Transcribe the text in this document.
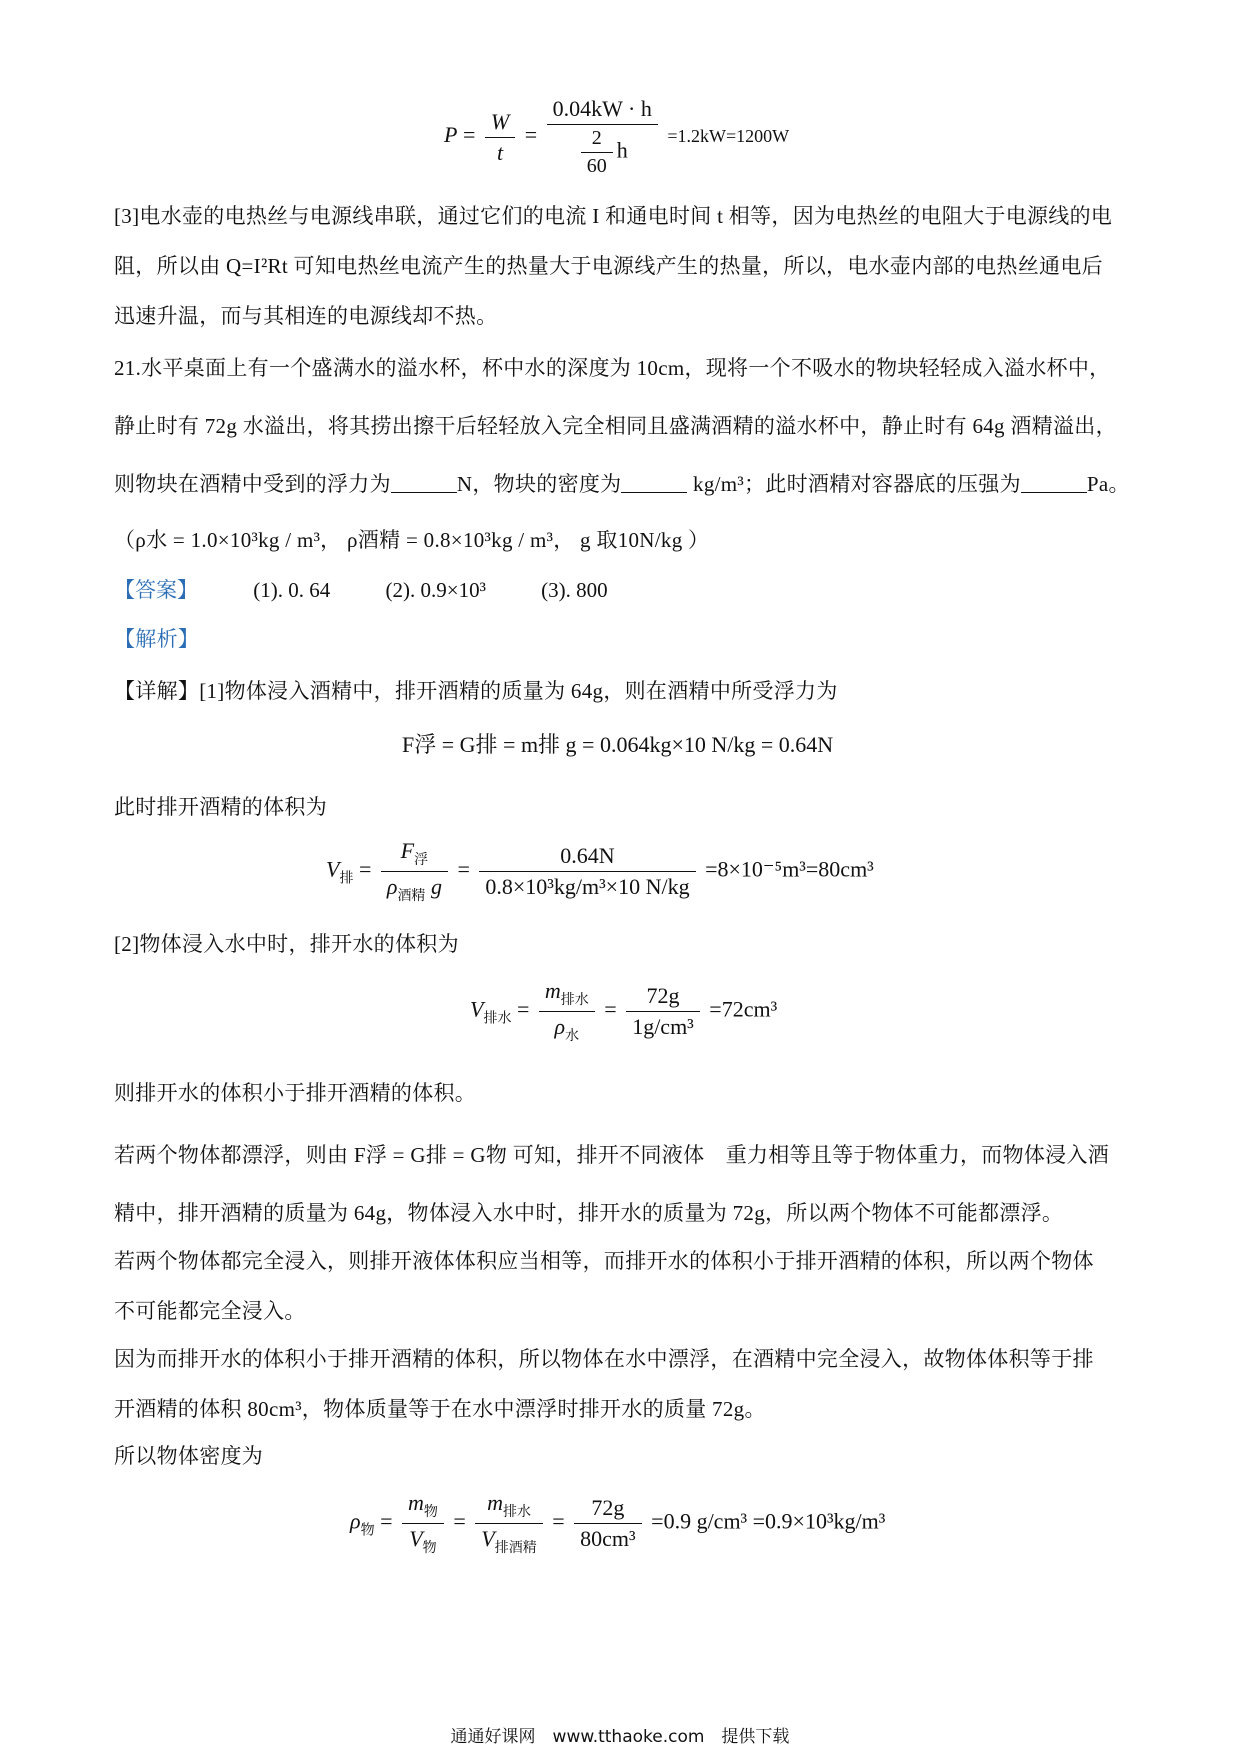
$P = \frac{W}{t} = \frac{0.04kW \cdot h}{\frac{2}{60} h} =1.2kW=1200W$
[3]电水壶的电热丝与电源线串联，通过它们的电流 I 和通电时间 t 相等，因为电热丝的电阻大于电源线的电
阻，所以由 Q=I²Rt 可知电热丝电流产生的热量大于电源线产生的热量，所以，电水壶内部的电热丝通电后
迅速升温，而与其相连的电源线却不热。
21.水平桌面上有一个盛满水的溢水杯，杯中水的深度为 10cm，现将一个不吸水的物块轻轻成入溢水杯中，
静止时有 72g 水溢出，将其捞出擦干后轻轻放入完全相同且盛满酒精的溢水杯中，静止时有 64g 酒精溢出，
则物块在酒精中受到的浮力为	N，物块的密度为	kg/m³；此时酒精对容器底的压强为	Pa。
（ρ水 = 1.0×10³kg / m³， ρ酒精 = 0.8×10³kg / m³， g 取10N/kg ）
【答案】	(1). 0. 64	(2). 0.9×10³	(3). 800
【解析】
【详解】[1]物体浸入酒精中，排开酒精的质量为 64g，则在酒精中所受浮力为
F浮 = G排 = m排 g = 0.064kg×10 N/kg = 0.64N
此时排开酒精的体积为
$V_排 = \frac{F_浮}{\rho_{酒精} g} = \frac{0.64N}{\text{0.8×10³kg/m³×10 N/kg}} =8\times 10^{-5}m^3=80cm^3$
[2]物体浸入水中时，排开水的体积为
$V_{排水} = \frac{m_{排水}}{\rho_水} = \frac{72g}{\text{1g/cm³}} =72cm^3$
则排开水的体积小于排开酒精的体积。
若两个物体都漂浮，则由 F浮 = G排 = G物 可知，排开不同液体　重力相等且等于物体重力，而物体浸入酒
精中，排开酒精的质量为 64g，物体浸入水中时，排开水的质量为 72g，所以两个物体不可能都漂浮。
若两个物体都完全浸入，则排开液体体积应当相等，而排开水的体积小于排开酒精的体积，所以两个物体
不可能都完全浸入。
因为而排开水的体积小于排开酒精的体积，所以物体在水中漂浮，在酒精中完全浸入，故物体体积等于排
开酒精的体积 80cm³，物体质量等于在水中漂浮时排开水的质量 72g。
所以物体密度为
$\rho_物 = \frac{m_物}{V_物} = \frac{m_{排水}}{V_{排酒精}} = \frac{72g}{\text{80cm³}} =0.9$ g/cm³ =0.9×10³kg/m³
通通好课网　www.tthaoke.com　提供下载
